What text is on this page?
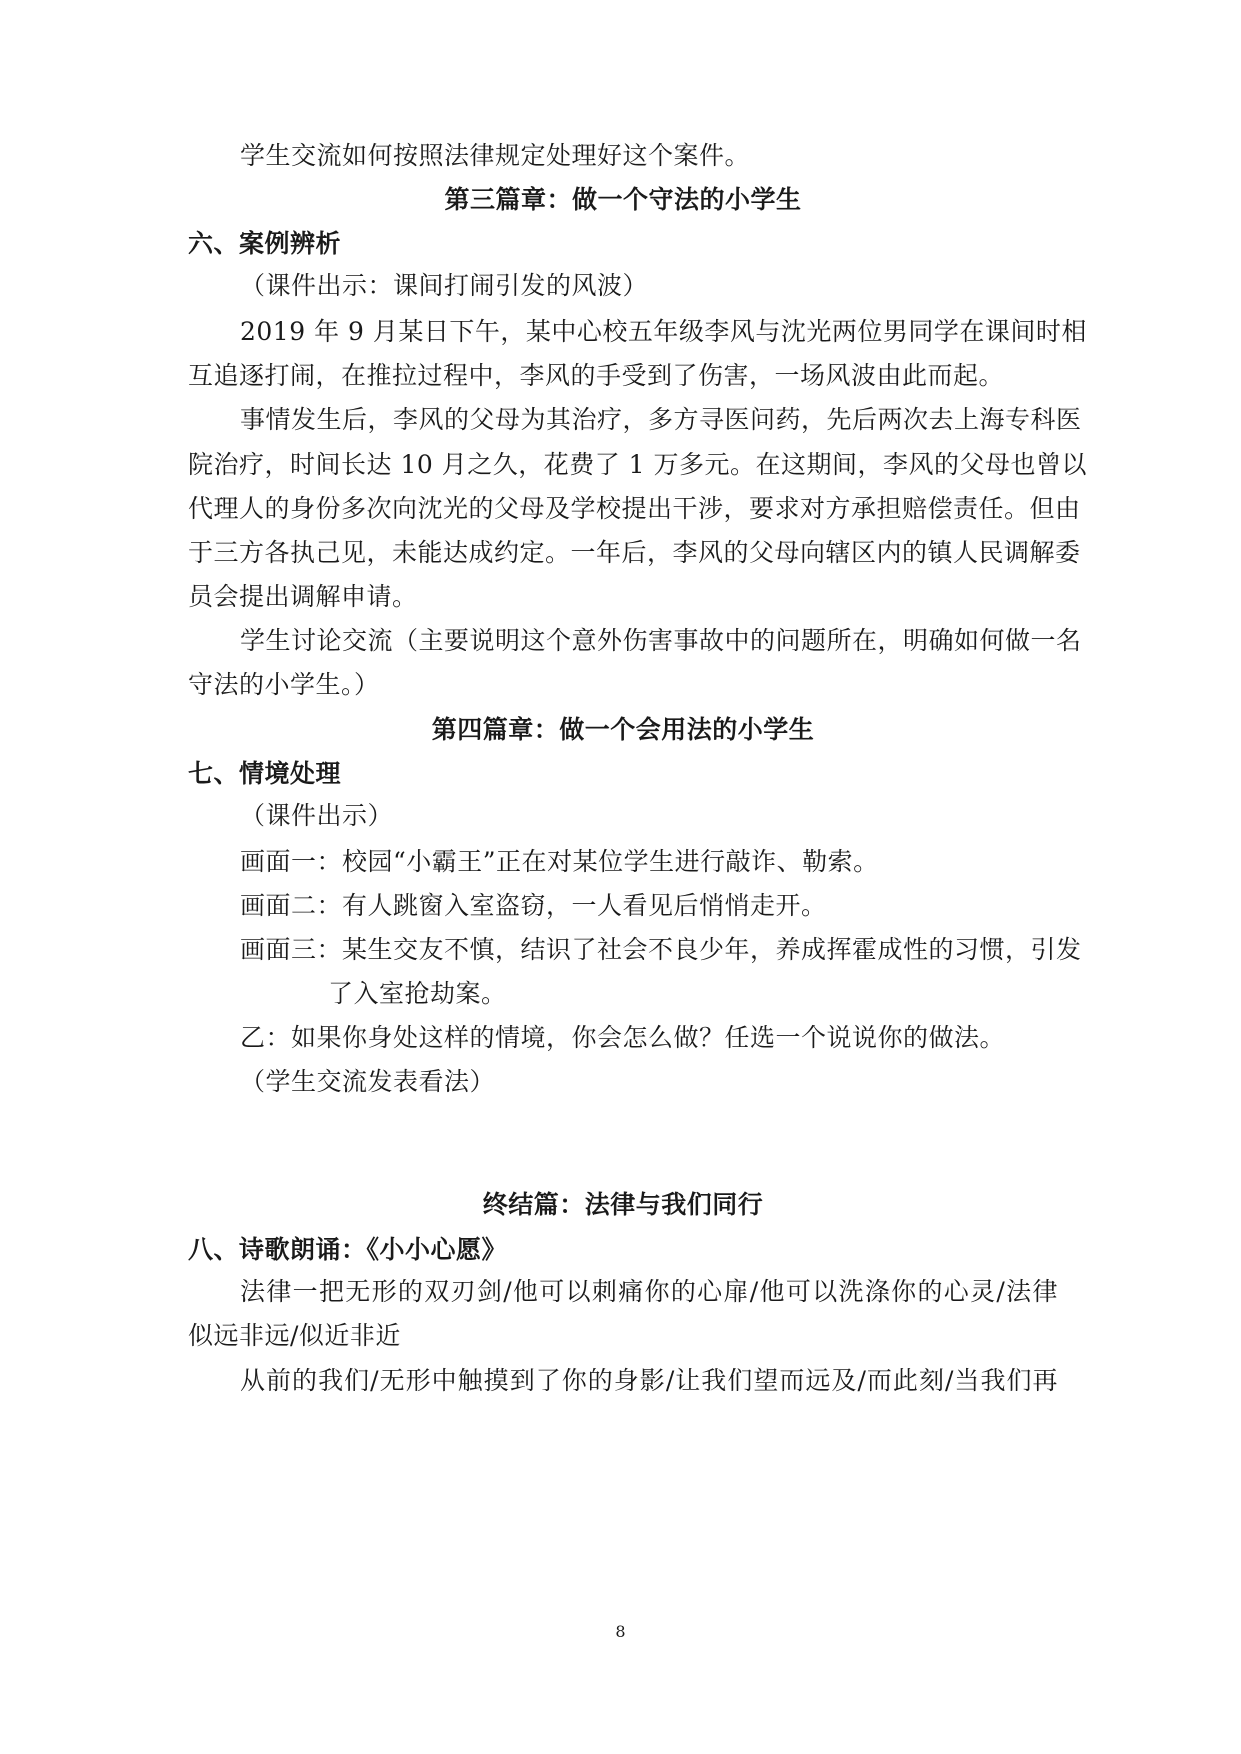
学生交流如何按照法律规定处理好这个案件。
第三篇章：做一个守法的小学生
六、案例辨析
（课件出示：课间打闹引发的风波）
2019 年 9 月某日下午，某中心校五年级李风与沈光两位男同学在课间时相
互追逐打闹，在推拉过程中，李风的手受到了伤害，一场风波由此而起。
事情发生后，李风的父母为其治疗，多方寻医问药，先后两次去上海专科医
院治疗，时间长达 10 月之久，花费了 1 万多元。在这期间，李风的父母也曾以
代理人的身份多次向沈光的父母及学校提出干涉，要求对方承担赔偿责任。但由
于三方各执己见，未能达成约定。一年后，李风的父母向辖区内的镇人民调解委
员会提出调解申请。
学生讨论交流（主要说明这个意外伤害事故中的问题所在，明确如何做一名
守法的小学生。）
第四篇章：做一个会用法的小学生
七、情境处理
（课件出示）
画面一：校园“小霸王”正在对某位学生进行敲诈、勒索。
画面二：有人跳窗入室盗窃，一人看见后悄悄走开。
画面三：某生交友不慎，结识了社会不良少年，养成挥霍成性的习惯，引发
了入室抢劫案。
乙：如果你身处这样的情境，你会怎么做？任选一个说说你的做法。
（学生交流发表看法）
终结篇：法律与我们同行
八、诗歌朗诵：《小小心愿》
法律一把无形的双刃剑/他可以刺痛你的心扉/他可以洗涤你的心灵/法律
似远非远/似近非近
从前的我们/无形中触摸到了你的身影/让我们望而远及/而此刻/当我们再
8
